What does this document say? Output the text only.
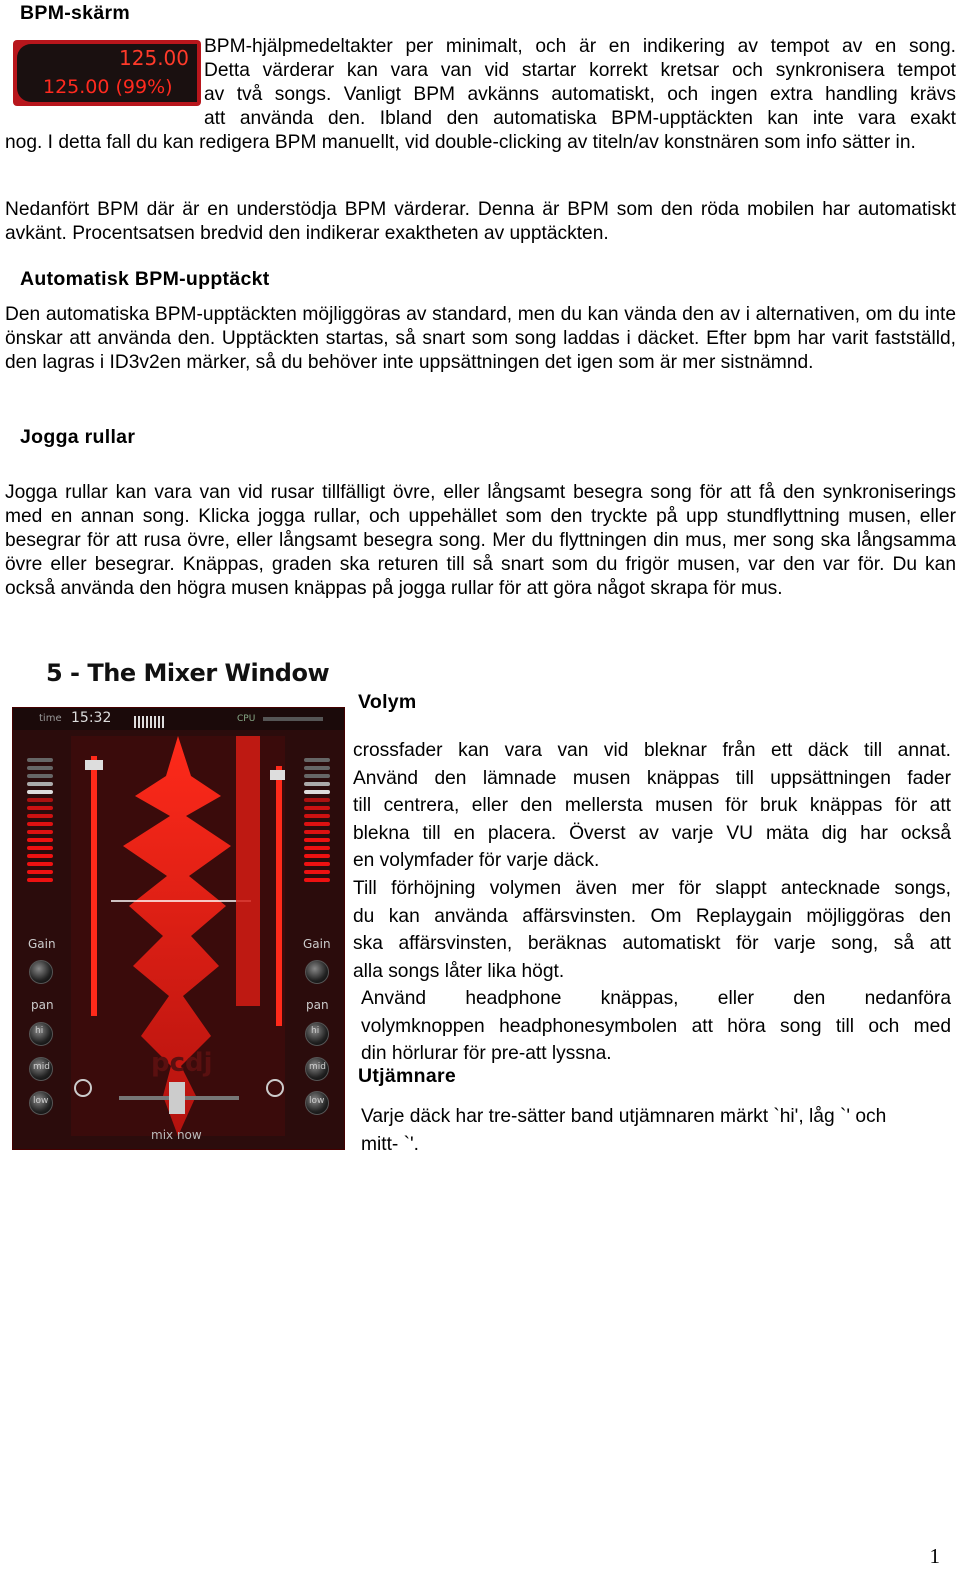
BPM-skärm
125.00
125.00 (99%)

BPM-hjälpmedeltakter per minimalt, och är en indikering av tempot av en song.

Detta värderar kan vara van vid startar korrekt kretsar och synkronisera tempot

av två songs. Vanligt BPM avkänns automatiskt, och ingen extra handling krävs

att använda den. Ibland den automatiska BPM-upptäckten kan inte vara exakt

nog. I detta fall du kan redigera BPM manuellt, vid double-clicking av titeln/av konstnären som info sätter in.
Nedanfört BPM där är en understödja BPM värderar. Denna är BPM som den röda mobilen har automatiskt avkänt. Procentsatsen bredvid den indikerar exaktheten av upptäckten.
Automatisk BPM-upptäckt
Den automatiska BPM-upptäckten möjliggöras av standard, men du kan vända den av i alternativen, om du inte önskar att använda den. Upptäckten startas, så snart som song laddas i däcket. Efter bpm har varit fastställd, den lagras i ID3v2en märker, så du behöver inte uppsättningen det igen som är mer sistnämnd.
Jogga rullar
Jogga rullar kan vara van vid rusar tillfälligt övre, eller långsamt besegra song för att få den synkroniserings med en annan song. Klicka jogga rullar, och uppehället som den tryckte på upp stundflyttning musen, eller besegrar för att rusa övre, eller långsamt besegra song. Mer du flyttningen din mus, mer song ska långsamma övre eller besegrar. Knäppas, graden ska returen till så snart som du frigör musen, var den var för. Du kan också använda den högra musen knäppas på jogga rullar för att göra något skrapa för mus.
5 - The Mixer Window
time 15:32	CPU
pcdj
Gain
pan
hi
mid
low
Gain
pan
hi
mid
low
mix now
Volym

crossfader kan vara van vid bleknar från ett däck till annat.

Använd den lämnade musen knäppas till uppsättningen fader

till centrera, eller den mellersta musen för bruk knäppas för att

blekna till en placera. Överst av varje VU mäta dig har också

en volymfader för varje däck.

Till förhöjning volymen även mer för slappt antecknade songs,

du kan använda affärsvinsten. Om Replaygain möjliggöras den

ska affärsvinsten, beräknas automatiskt för varje song, så att

alla songs låter lika högt.

Använd headphone knäppas, eller den nedanföra

volymknoppen headphonesymbolen att höra song till och med

din hörlurar för pre-att lyssna.

Utjämnare

Varje däck har tre-sätter band utjämnaren märkt `hi', låg `' och

mitt- `'.

1
